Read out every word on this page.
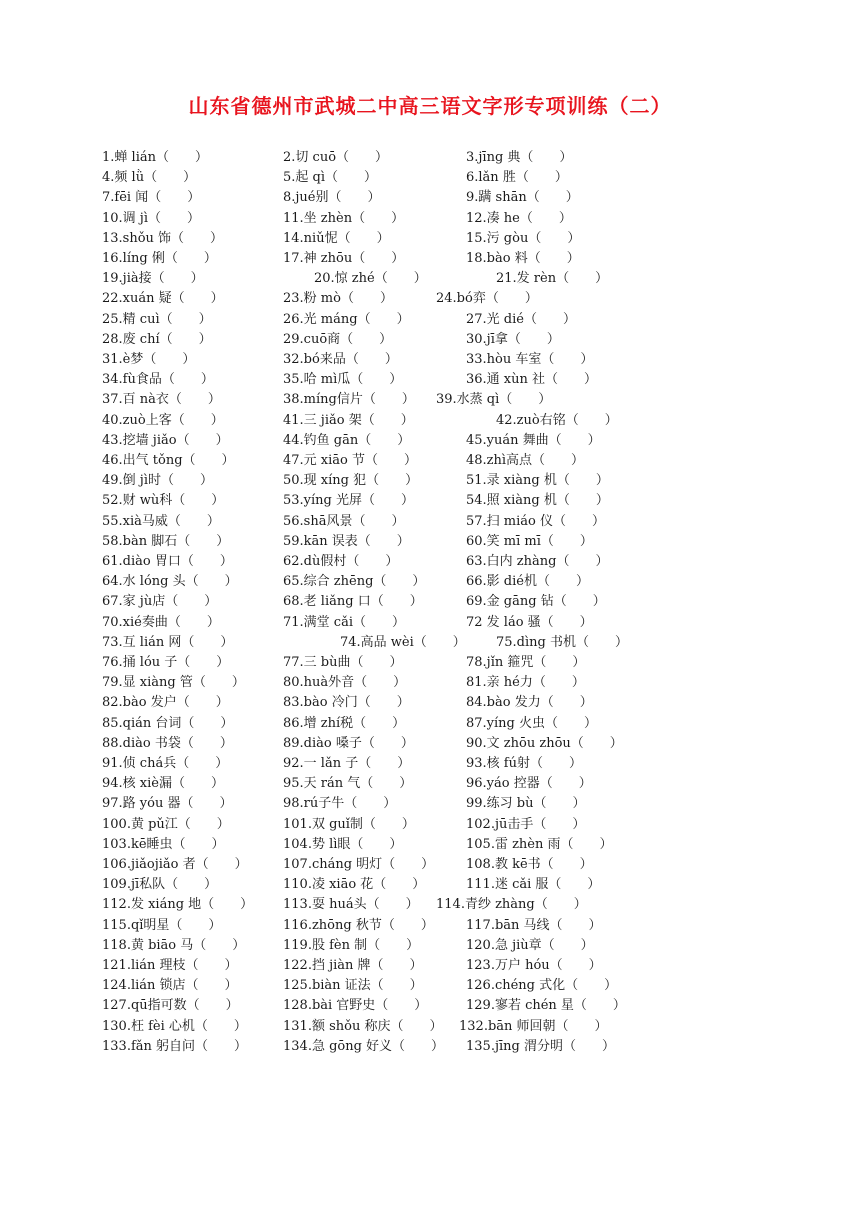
山东省德州市武城二中高三语文字形专项训练（二）
1.蝉 lián（　　）	2.切 cuō（　　）	3.jīng 典（　　）
4.频 lǜ（　　）	5.起 qì（　　）	6.lǎn 胜（　　）
7.fēi 闻（　　）	8.jué别（　　）	9.蹒 shān（　　）
10.调 jì（　　）	11.坐 zhèn（　　）	12.凑 he（　　）
13.shǒu 饰（　　）	14.niǔ怩（　　）	15.污 gòu（　　）
16.líng 俐（　　）	17.神 zhōu（　　）	18.bào 料（　　）
19.jià接（　　）	20.惊 zhé（　　）	21.发 rèn（　　）
22.xuán 疑（　　）	23.粉 mò（　　）	24.bó弈（　　）
25.精 cuì（　　）	26.光 máng（　　）	27.光 dié（　　）
28.废 chí（　　）	29.cuō商（　　）	30.jī拿（　　）
31.è梦（　　）	32.bó来品（　　）	33.hòu 车室（　　）
34.fù食品（　　）	35.哈 mì瓜（　　）	36.通 xùn 社（　　）
37.百 nà衣（　　）	38.míng信片（　　） 39.水蒸 qì（　　）
40.zuò上客（　　）	41.三 jiǎo 架（　　）	42.zuò右铭（　　）
43.挖墙 jiǎo（　　）	44.钓鱼 gān（　　）	45.yuán 舞曲（　　）
46.出气 tǒng（　　）	47.元 xiāo 节（　　）	48.zhì高点（　　）
49.倒 jì时（　　）	50.现 xíng 犯（　　）	51.录 xiàng 机（　　）
52.财 wù科（　　）	53.yíng 光屏（　　）	54.照 xiàng 机（　　）
55.xià马威（　　）	56.shā风景（　　）	57.扫 miáo 仪（　　）
58.bàn 脚石（　　）	59.kān 误表（　　）	60.笑 mī mī（　　）
61.diào 胃口（　　）	62.dù假村（　　）	63.白内 zhàng（　　）
64.水 lóng 头（　　）	65.综合 zhēng（　　）	66.影 dié机（　　）
67.家 jù店（　　）	68.老 liǎng 口（　　）	69.金 gāng 钻（　　）
70.xié奏曲（　　）	71.满堂 cǎi（　　）	72 发 láo 骚（　　）
73.互 lián 网（　　）	74.高品 wèi（　　） 75.dìng 书机（　　）
76.捅 lóu 子（　　）	77.三 bù曲（　　）	78.jǐn 箍咒（　　）
79.显 xiàng 管（　　）	80.huà外音（　　）	81.亲 hé力（　　）
82.bào 发户（　　）	83.bào 冷门（　　）	84.bào 发力（　　）
85.qián 台词（　　）	86.增 zhí税（　　）	87.yíng 火虫（　　）
88.diào 书袋（　　）	89.diào 嗓子（　　）	90.文 zhōu zhōu（　　）
91.侦 chá兵（　　）	92.一 lǎn 子（　　）	93.核 fú射（　　）
94.核 xiè漏（　　）	95.天 rán 气（　　）	96.yáo 控器（　　）
97.路 yóu 器（　　）	98.rú子牛（　　）	99.练习 bù（　　）
100.黄 pǔ江（　　）	101.双 guǐ制（　　）	102.jū击手（　　）
103.kē睡虫（　　）	104.势 lì眼（　　）	105.雷 zhèn 雨（　　）
106.jiǎojiǎo 者（　　）	107.cháng 明灯（　　） 108.教 kē书（　　）
109.jī私队（　　）	110.凌 xiāo 花（　　）	111.迷 cǎi 服（　　）
112.发 xiáng 地（　　） 113.耍 huá头（　　） 114.青纱 zhàng（　　）
115.qǐ明星（　　）	116.zhōng 秋节（　　） 117.bān 马线（　　）
118.黄 biāo 马（　　）	119.股 fèn 制（　　）	120.急 jiù章（　　）
121.lián 理枝（　　）	122.挡 jiàn 牌（　　）	123.万户 hóu（　　）
124.lián 锁店（　　）	125.biàn 证法（　　）	126.chéng 式化（　　）
127.qū指可数（　　）	128.bài 官野史（　　）	129.寥若 chén 星（　　）
130.枉 fèi 心机（　　）	131.额 shǒu 称庆（　　） 132.bān 师回朝（　　）
133.fǎn 躬自问（　　）	134.急 gōng 好义（　　） 135.jīng 渭分明（　　）
